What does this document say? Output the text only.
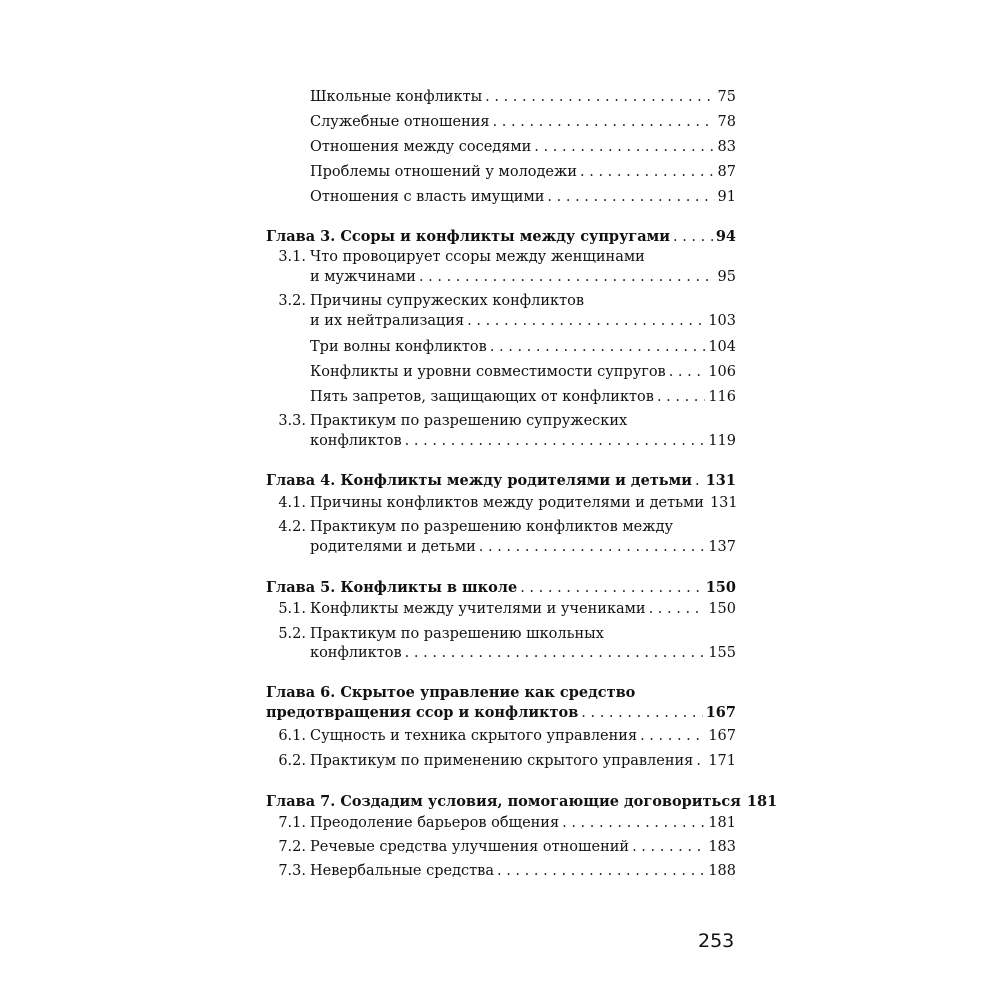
Школьные конфликты . . .	75
Служебные отношения . . .	78
Отношения между соседями . . .	83
Проблемы отношений у молодежи . . .	87
Отношения с власть имущими . . .	91
Глава 3. Ссоры и конфликты между супругами . . .	94
3.1. Что провоцирует ссоры между женщинами
и мужчинами . . .	95
3.2. Причины супружеских конфликтов
и их нейтрализация . . .	103
Три волны конфликтов . . .	104
Конфликты и уровни совместимости супругов . . .	106
Пять запретов, защищающих от конфликтов . . .	116
3.3. Практикум по разрешению супружеских
конфликтов . . .	119
Глава 4. Конфликты между родителями и детьми . . . 131
4.1. Причины конфликтов между родителями и детьми 131
4.2. Практикум по разрешению конфликтов между
родителями и детьми . . .	137
Глава 5. Конфликты в школе . . .	150
5.1. Конфликты между учителями и учениками . . .	150
5.2. Практикум по разрешению школьных
конфликтов . . .	155
Глава 6. Скрытое управление как средство
предотвращения ссор и конфликтов . . .	167
6.1. Сущность и техника скрытого управления . . .	167
6.2. Практикум по применению скрытого управления . . . 171
Глава 7. Создадим условия, помогающие договориться 181
7.1. Преодоление барьеров общения . . .	181
7.2. Речевые средства улучшения отношений . . .	183
7.3. Невербальные средства . . .	188
253
